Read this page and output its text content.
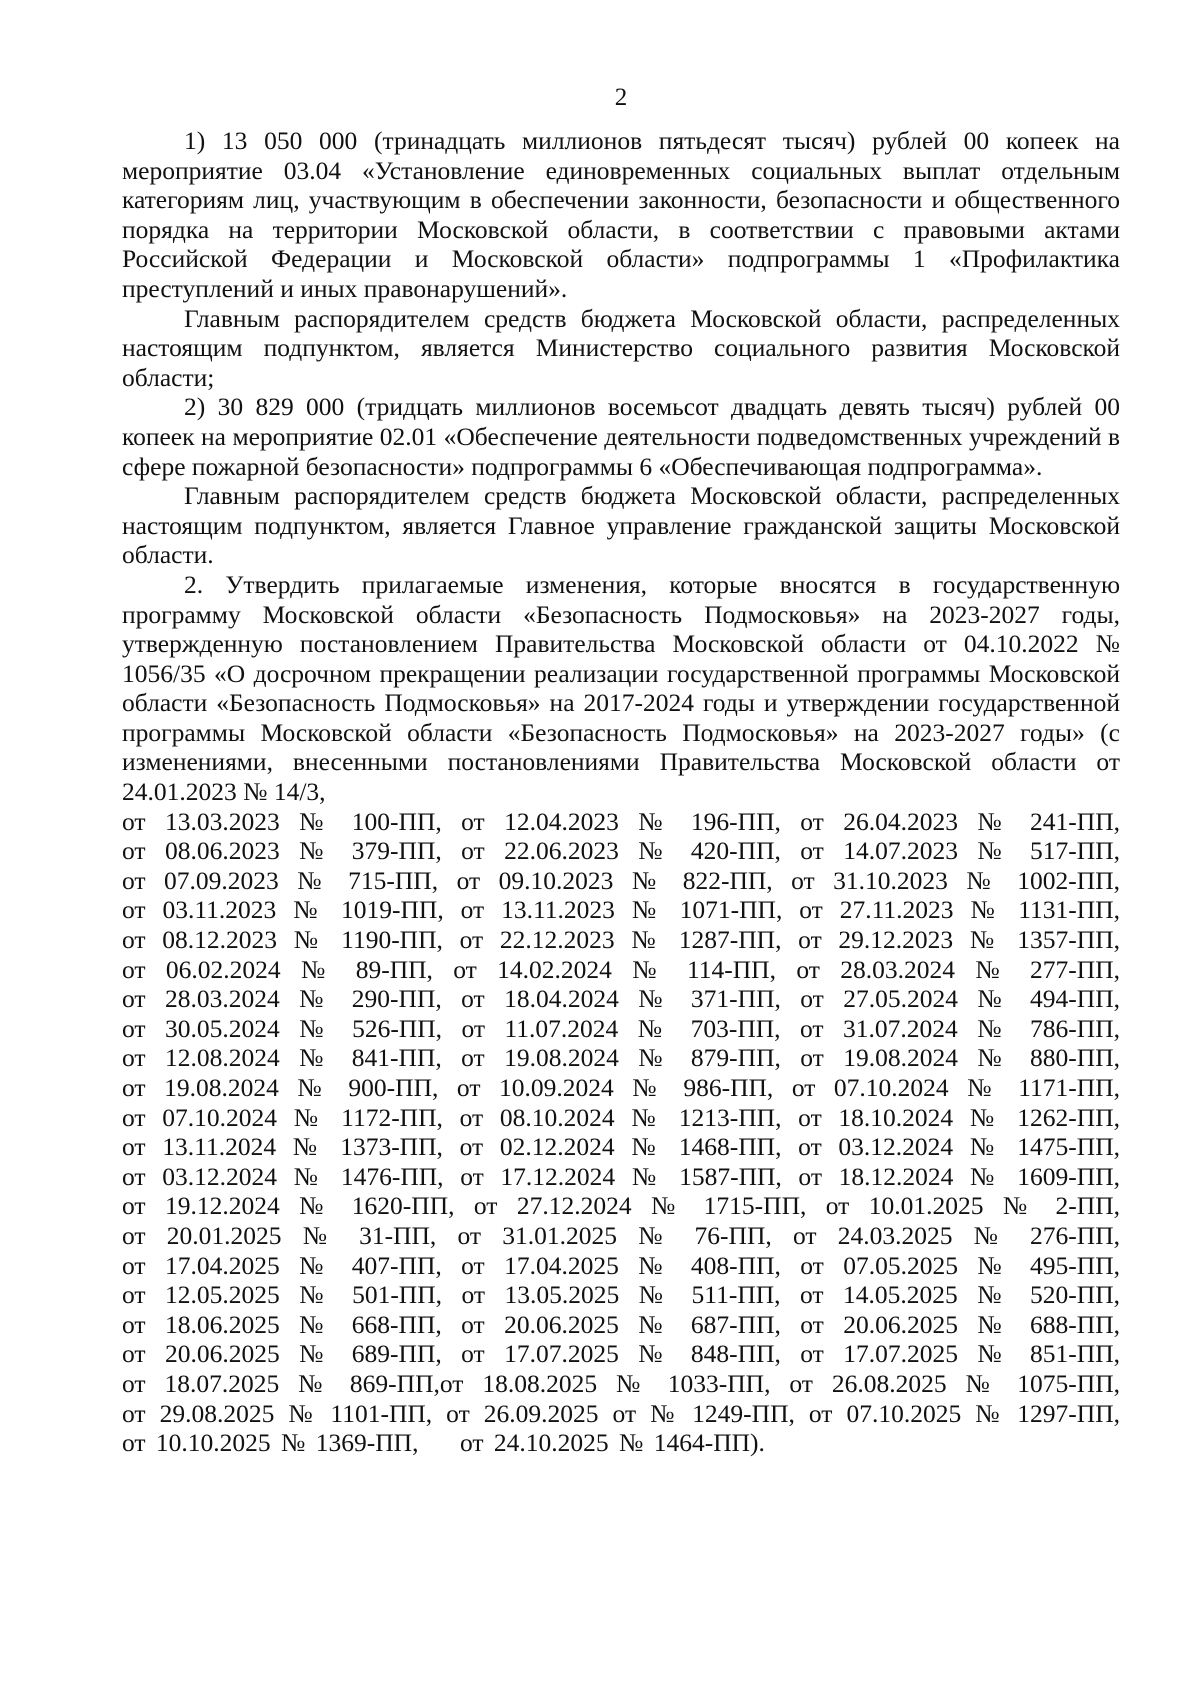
2

1) 13 050 000 (тринадцать миллионов пятьдесят тысяч) рублей 00 копеек на мероприятие 03.04 «Установление единовременных социальных выплат отдельным категориям лиц, участвующим в обеспечении законности, безопасности и общественного порядка на территории Московской области, в соответствии с правовыми актами Российской Федерации и Московской области» подпрограммы 1 «Профилактика преступлений и иных правонарушений».

Главным распорядителем средств бюджета Московской области, распределенных настоящим подпунктом, является Министерство социального развития Московской области;

2) 30 829 000 (тридцать миллионов восемьсот двадцать девять тысяч) рублей 00 копеек на мероприятие 02.01 «Обеспечение деятельности подведомственных учреждений в сфере пожарной безопасности» подпрограммы 6 «Обеспечивающая подпрограмма».

Главным распорядителем средств бюджета Московской области, распределенных настоящим подпунктом, является Главное управление гражданской защиты Московской области.

2. Утвердить прилагаемые изменения, которые вносятся в государственную программу Московской области «Безопасность Подмосковья» на 2023-2027 годы, утвержденную постановлением Правительства Московской области от 04.10.2022 № 1056/35 «О досрочном прекращении реализации государственной программы Московской области «Безопасность Подмосковья» на 2017-2024 годы и утверждении государственной программы Московской области «Безопасность Подмосковья» на 2023-2027 годы» (с изменениями, внесенными постановлениями Правительства Московской области от 24.01.2023 № 14/3,

от 13.03.2023 № 100-ПП, от 12.04.2023 № 196-ПП, от 26.04.2023 № 241-ПП,
от 08.06.2023 № 379-ПП, от 22.06.2023 № 420-ПП, от 14.07.2023 № 517-ПП,
от 07.09.2023 № 715-ПП, от 09.10.2023 № 822-ПП, от 31.10.2023 № 1002-ПП,
от 03.11.2023 № 1019-ПП, от 13.11.2023 № 1071-ПП, от 27.11.2023 № 1131-ПП,
от 08.12.2023 № 1190-ПП, от 22.12.2023 № 1287-ПП, от 29.12.2023 № 1357-ПП,
от 06.02.2024 № 89-ПП, от 14.02.2024 № 114-ПП, от 28.03.2024 № 277-ПП,
от 28.03.2024 № 290-ПП, от 18.04.2024 № 371-ПП, от 27.05.2024 № 494-ПП,
от 30.05.2024 № 526-ПП, от 11.07.2024 № 703-ПП, от 31.07.2024 № 786-ПП,
от 12.08.2024 № 841-ПП, от 19.08.2024 № 879-ПП, от 19.08.2024 № 880-ПП,
от 19.08.2024 № 900-ПП, от 10.09.2024 № 986-ПП, от 07.10.2024 № 1171-ПП,
от 07.10.2024 № 1172-ПП, от 08.10.2024 № 1213-ПП, от 18.10.2024 № 1262-ПП,
от 13.11.2024 № 1373-ПП, от 02.12.2024 № 1468-ПП, от 03.12.2024 № 1475-ПП,
от 03.12.2024 № 1476-ПП, от 17.12.2024 № 1587-ПП, от 18.12.2024 № 1609-ПП,
от 19.12.2024 № 1620-ПП, от 27.12.2024 № 1715-ПП, от 10.01.2025 № 2-ПП,
от 20.01.2025 № 31-ПП, от 31.01.2025 № 76-ПП, от 24.03.2025 № 276-ПП,
от 17.04.2025 № 407-ПП, от 17.04.2025 № 408-ПП, от 07.05.2025 № 495-ПП,
от 12.05.2025 № 501-ПП, от 13.05.2025 № 511-ПП, от 14.05.2025 № 520-ПП,
от 18.06.2025 № 668-ПП, от 20.06.2025 № 687-ПП, от 20.06.2025 № 688-ПП,
от 20.06.2025 № 689-ПП, от 17.07.2025 № 848-ПП, от 17.07.2025 № 851-ПП,
от 18.07.2025 № 869-ПП,от 18.08.2025 № 1033-ПП, от 26.08.2025 № 1075-ПП,
от 29.08.2025 № 1101-ПП, от 26.09.2025 от № 1249-ПП, от 07.10.2025 № 1297-ПП,
от 10.10.2025 № 1369-ПП,    от 24.10.2025 № 1464-ПП).
